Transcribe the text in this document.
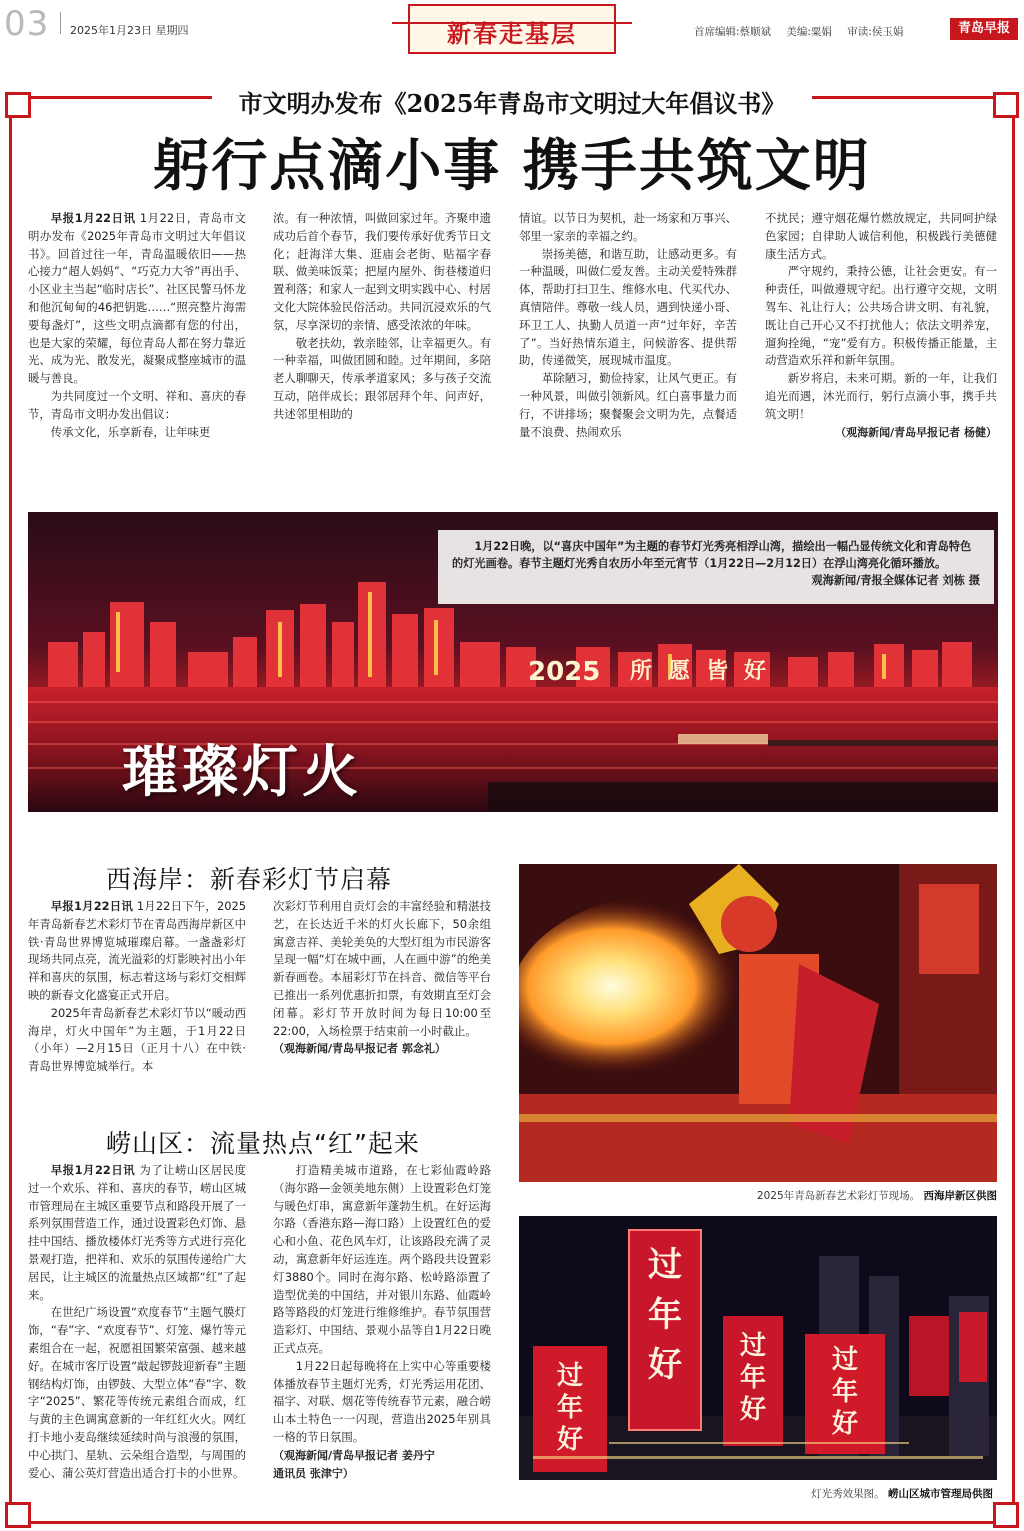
03 2025年1月23日 星期四	新春走基层	首席编辑:蔡顺斌 美编:粟娟 审读:侯玉娟	青岛早报
市文明办发布《2025年青岛市文明过大年倡议书》
躬行点滴小事 携手共筑文明

早报1月22日讯 1月22日，青岛市文明办发布《2025年青岛市文明过大年倡议书》。回首过往一年，青岛温暖依旧——热心接力“超人妈妈”、“巧克力大爷”再出手、小区业主当起“临时店长”、社区民警马怀龙和他沉甸甸的46把钥匙……“照亮整片海需要每盏灯”，这些文明点滴都有您的付出，也是大家的荣耀，每位青岛人都在努力靠近光、成为光、散发光，凝聚成整座城市的温暖与善良。

为共同度过一个文明、祥和、喜庆的春节，青岛市文明办发出倡议：

传承文化，乐享新春，让年味更

浓。有一种浓情，叫做回家过年。齐聚申遗成功后首个春节，我们要传承好优秀节日文化；赶海洋大集、逛庙会老街、贴福字春联、做美味饭菜；把屋内屋外、街巷楼道归置利落；和家人一起到文明实践中心、村居文化大院体验民俗活动。共同沉浸欢乐的气氛，尽享深切的亲情、感受浓浓的年味。

敬老扶幼，敦亲睦邻，让幸福更久。有一种幸福，叫做团圆和睦。过年期间，多陪老人聊聊天，传承孝道家风；多与孩子交流互动，陪伴成长；跟邻居拜个年、问声好，共述邻里相助的

情谊。以节日为契机，赴一场家和万事兴、邻里一家亲的幸福之约。

崇扬美德，和谐互助，让感动更多。有一种温暖，叫做仁爱友善。主动关爱特殊群体，帮助打扫卫生、维修水电、代买代办、真情陪伴。尊敬一线人员，遇到快递小哥、环卫工人、执勤人员道一声“过年好，辛苦了”。当好热情东道主，问候游客、提供帮助，传递微笑，展现城市温度。

革除陋习，勤俭持家，让风气更正。有一种风景，叫做引领新风。红白喜事量力而行，不讲排场；聚餐聚会文明为先，点餐适量不浪费、热闹欢乐

不扰民；遵守烟花爆竹燃放规定，共同呵护绿色家园；自律助人诚信利他，积极践行美德健康生活方式。

严守规约，秉持公德，让社会更安。有一种责任，叫做遵规守纪。出行遵守交规，文明驾车、礼让行人；公共场合讲文明、有礼貌，既让自己开心又不打扰他人；依法文明养宠，遛狗拴绳，“宠”爱有方。积极传播正能量，主动营造欢乐祥和新年氛围。

新岁将启，未来可期。新的一年，让我们追光而遇，沐光而行，躬行点滴小事，携手共筑文明！

（观海新闻/青岛早报记者 杨健）

2025 所 愿 皆 好
1月22日晚，以“喜庆中国年”为主题的春节灯光秀亮相浮山湾，描绘出一幅凸显传统文化和青岛特色的灯光画卷。春节主题灯光秀自农历小年至元宵节（1月22日—2月12日）在浮山湾亮化循环播放。
观海新闻/青报全媒体记者 刘栋 摄
璀璨灯火
西海岸：新春彩灯节启幕

早报1月22日讯 1月22日下午，2025年青岛新春艺术彩灯节在青岛西海岸新区中铁·青岛世界博览城璀璨启幕。一盏盏彩灯现场共同点亮，流光溢彩的灯影映衬出小年祥和喜庆的氛围，标志着这场与彩灯交相辉映的新春文化盛宴正式开启。

2025年青岛新春艺术彩灯节以“暖动西海岸，灯火中国年”为主题，于1月22日（小年）—2月15日（正月十八）在中铁·青岛世界博览城举行。本

次彩灯节利用自贡灯会的丰富经验和精湛技艺，在长达近千米的灯火长廊下，50余组寓意吉祥、美轮美奂的大型灯组为市民游客呈现一幅“灯在城中画，人在画中游”的绝美新春画卷。本届彩灯节在抖音、微信等平台已推出一系列优惠折扣票，有效期直至灯会闭幕。彩灯节开放时间为每日10:00至22:00，入场检票于结束前一小时截止。

（观海新闻/青岛早报记者 郭念礼）

2025年青岛新春艺术彩灯节现场。 西海岸新区供图
崂山区：流量热点“红”起来

早报1月22日讯 为了让崂山区居民度过一个欢乐、祥和、喜庆的春节，崂山区城市管理局在主城区重要节点和路段开展了一系列氛围营造工作，通过设置彩色灯饰、悬挂中国结、播放楼体灯光秀等方式进行亮化景观打造，把祥和、欢乐的氛围传递给广大居民，让主城区的流量热点区域都“红”了起来。

在世纪广场设置“欢度春节”主题气膜灯饰，“春”字、“欢度春节”、灯笼、爆竹等元素组合在一起，祝愿祖国繁荣富强、越来越好。在城市客厅设置“敲起锣鼓迎新春”主题钢结构灯饰，由锣鼓、大型立体“春”字、数字“2025”、繁花等传统元素组合而成，红与黄的主色调寓意新的一年红红火火。网红打卡地小麦岛继续延续时尚与浪漫的氛围，中心拱门、星轨、云朵组合造型，与周围的爱心、蒲公英灯营造出适合打卡的小世界。

打造精美城市道路，在七彩仙霞岭路（海尔路—金领美地东侧）上设置彩色灯笼与暖色灯串，寓意新年蓬勃生机。在好运海尔路（香港东路—海口路）上设置红色的爱心和小鱼、花色风车灯，让该路段充满了灵动，寓意新年好运连连。两个路段共设置彩灯3880个。同时在海尔路、松岭路添置了造型优美的中国结，并对银川东路、仙霞岭路等路段的灯笼进行维修维护。春节氛围营造彩灯、中国结、景观小品等自1月22日晚正式点亮。

1月22日起每晚将在上实中心等重要楼体播放春节主题灯光秀，灯光秀运用花团、福字、对联、烟花等传统春节元素，融合崂山本土特色一一闪现，营造出2025年别具一格的节日氛围。

（观海新闻/青岛早报记者 姜丹宁

通讯员 张津宁）

过
年
好
过
年
好
过
年
好
过
年
好
灯光秀效果图。 崂山区城市管理局供图
